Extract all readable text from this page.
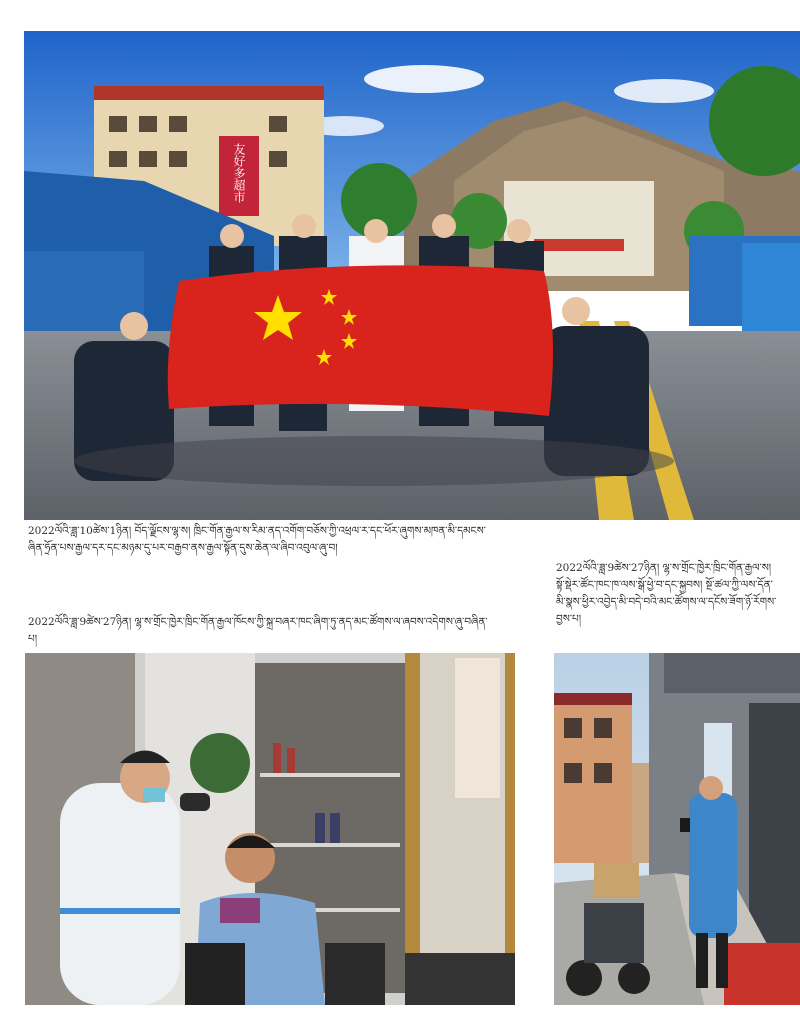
友好多超市

2022ལོའི་ཟླ་10ཚེས་1ཉིན། བོད་ལྗོངས་ལྷ་ས། ཁྲིང་གོན་རྒྱལ་ས་རིམ་ནད་འགོག་བཅོས་ཀྱི་འཕྲལ་ར་དང་ཕོར་ཞུགས་མཁན་མི་དམངས་ཞིན་ཧྲོན་པས་རྒྱལ་དར་དང་མཉམ་དུ་པར་བརྒྱབ་ནས་རྒྱལ་སྟོན་དུས་ཆེན་ལ་ཞིབ་འབུལ་ཞུ་བ།

2022ལོའི་ཟླ་9ཚེས་27ཉིན། ལྷ་ས་གྲོང་ཁྱེར་ཁྲིང་གོན་རྒྱལ་ས། སྟོ་སྡེར་ཚོང་ཁང་ཁ་ལས་སྒོ་ཕྱེ་བ་དང་སྐྱབས། སྔོ་ཚལ་ཀྱི་ལས་དོན་མི་སྣས་ཕྱིར་འབྱེད་མི་བདེ་བའི་མང་ཚོགས་ལ་དངོས་ཟོག་ཉོ་རོགས་བྱས་པ།

2022ལོའི་ཟླ་9ཚེས་27ཉིན། ལྷ་ས་གྲོང་ཁྱེར་ཁྲིང་གོན་རྒྱལ་ཁོངས་ཀྱི་སྐྲ་བཞར་ཁང་ཞིག་ཏུ་ནད་མང་ཚོགས་ལ་ཞབས་འདེགས་ཞུ་བཞིན་པ།
